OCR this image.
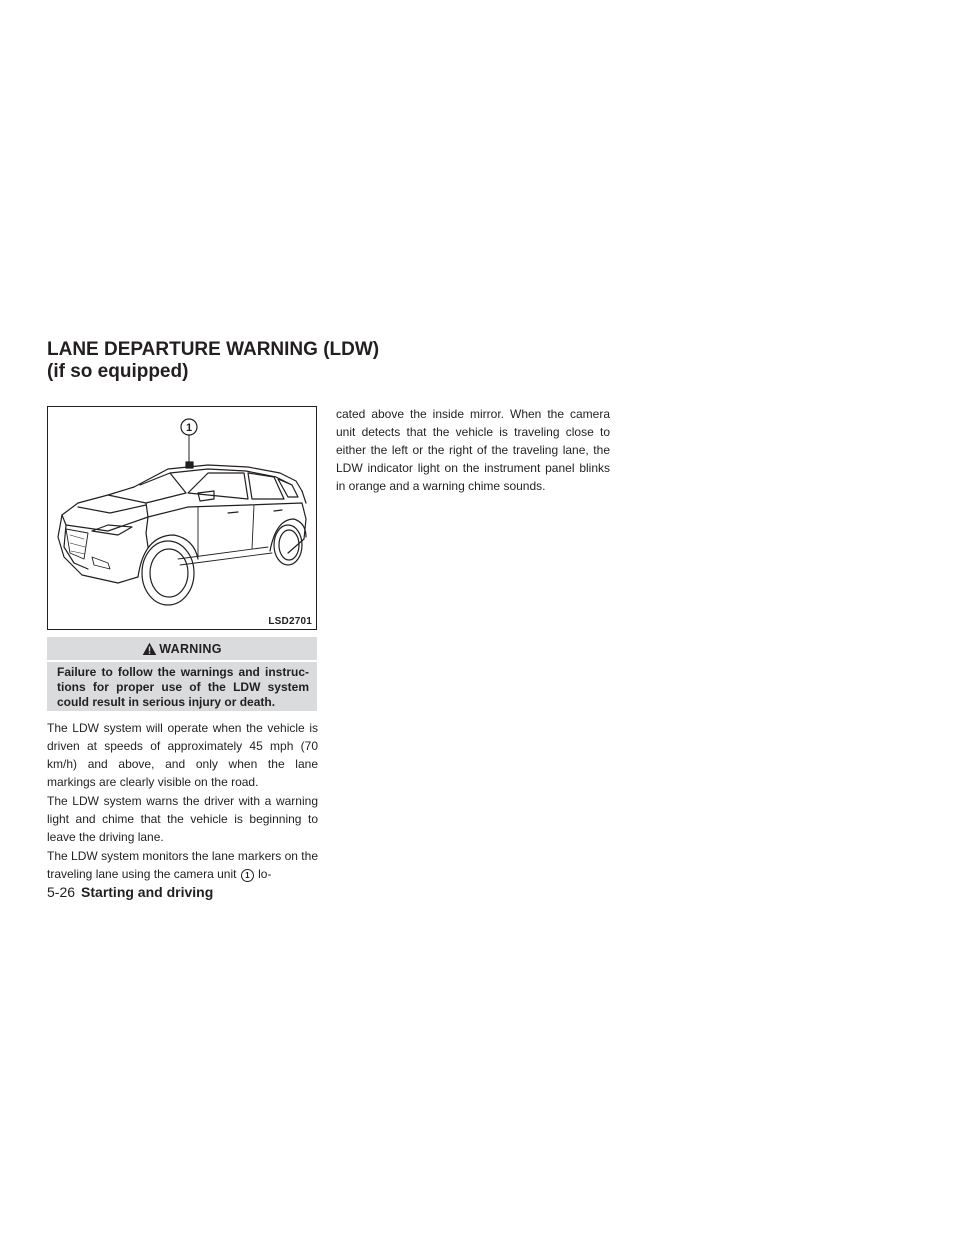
LANE DEPARTURE WARNING (LDW)
(if so equipped)
1
LSD2701
WARNING

Failure to follow the warnings and instructions for proper use of the LDW system could result in serious injury or death.

The LDW system will operate when the vehicle is driven at speeds of approximately 45 mph (70 km/h) and above, and only when the lane markings are clearly visible on the road.

The LDW system warns the driver with a warning light and chime that the vehicle is beginning to leave the driving lane.

The LDW system monitors the lane markers on the traveling lane using the camera unit 1 lo-

cated above the inside mirror. When the camera unit detects that the vehicle is traveling close to either the left or the right of the traveling lane, the LDW indicator light on the instrument panel blinks in orange and a warning chime sounds.

5-26 Starting and driving
